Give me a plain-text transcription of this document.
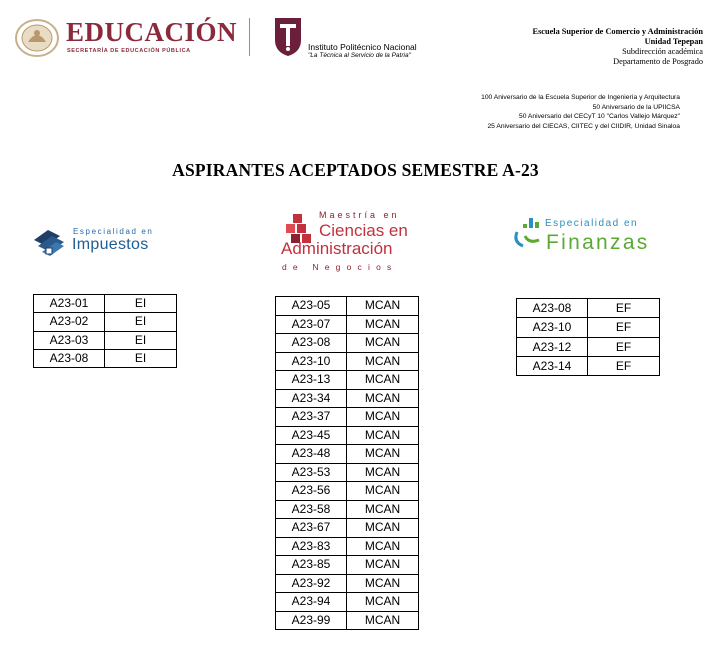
EDUCACIÓN
SECRETARÍA DE EDUCACIÓN PÚBLICA	Instituto Politécnico Nacional
"La Técnica al Servicio de la Patria"
Escuela Superior de Comercio y Administración
Unidad Tepepan
Subdirección académica
Departamento de Posgrado
100 Aniversario de la Escuela Superior de Ingeniería y Arquitectura
50 Aniversario de la UPIICSA
50 Aniversario del CECyT 10 "Carlos Vallejo Márquez"
25 Aniversario del CIECAS, CIITEC y del CIIDIR, Unidad Sinaloa
ASPIRANTES ACEPTADOS SEMESTRE A-23
Especialidad en
Impuestos
Maestría en
Ciencias en
Administración
de Negocios
Especialidad en
Finanzas
A23-01	EI
A23-02	EI
A23-03	EI
A23-08	EI
A23-05	MCAN
A23-07	MCAN
A23-08	MCAN
A23-10	MCAN
A23-13	MCAN
A23-34	MCAN
A23-37	MCAN
A23-45	MCAN
A23-48	MCAN
A23-53	MCAN
A23-56	MCAN
A23-58	MCAN
A23-67	MCAN
A23-83	MCAN
A23-85	MCAN
A23-92	MCAN
A23-94	MCAN
A23-99	MCAN
A23-08	EF
A23-10	EF
A23-12	EF
A23-14	EF
